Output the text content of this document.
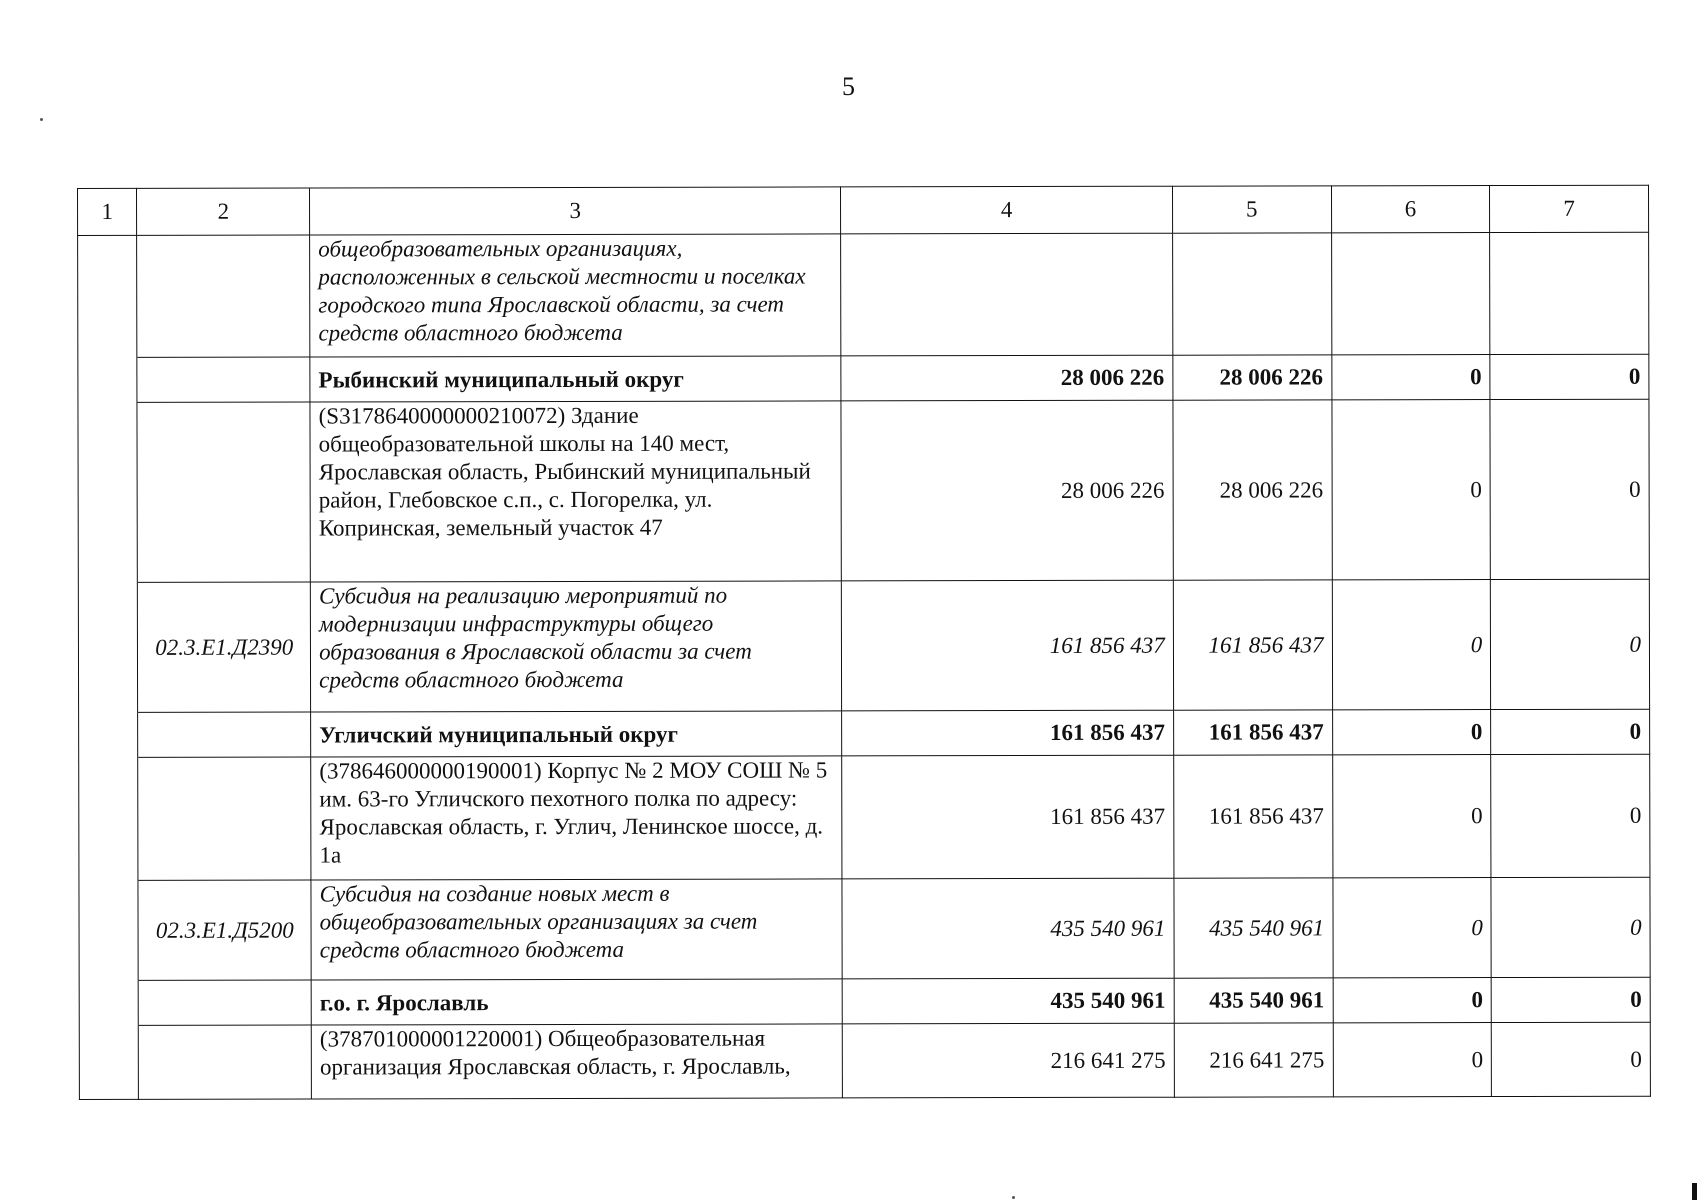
5
1	2	3	4	5	6	7
		общеобразовательных организациях, расположенных в сельской местности и поселках городского типа Ярославской области, за счет средств областного бюджета				
		Рыбинский муниципальный округ	28 006 226	28 006 226	0	0
		(S3178640000000210072) Здание общеобразовательной школы на 140 мест, Ярославская область, Рыбинский муниципальный район, Глебовское с.п., с. Погорелка, ул. Копринская, земельный участок 47	28 006 226	28 006 226	0	0
	02.3.Е1.Д2390	Субсидия на реализацию мероприятий по модернизации инфраструктуры общего образования в Ярославской области за счет средств областного бюджета	161 856 437	161 856 437	0	0
		Угличский муниципальный округ	161 856 437	161 856 437	0	0
		(378646000000190001) Корпус № 2 МОУ СОШ № 5 им. 63-го Угличского пехотного полка по адресу: Ярославская область, г. Углич, Ленинское шоссе, д. 1а	161 856 437	161 856 437	0	0
	02.3.Е1.Д5200	Субсидия на создание новых мест в общеобразовательных организациях за счет средств областного бюджета	435 540 961	435 540 961	0	0
		г.о. г. Ярославль	435 540 961	435 540 961	0	0
		(378701000001220001) Общеобразовательная организация Ярославская область, г. Ярославль,	216 641 275	216 641 275	0	0
